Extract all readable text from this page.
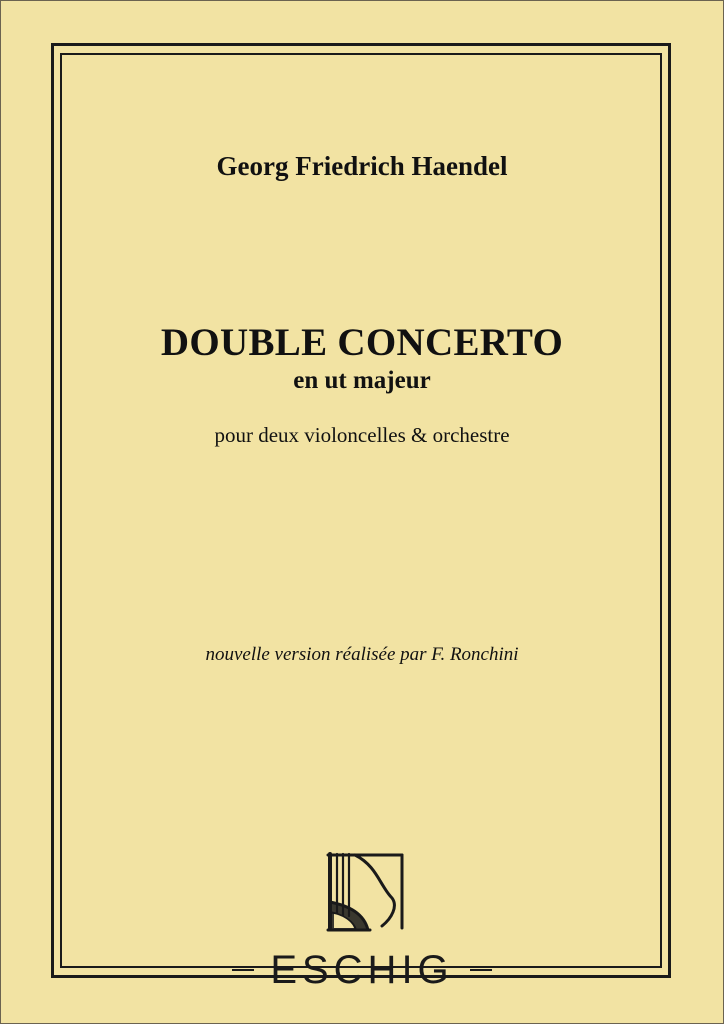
Georg Friedrich Haendel
DOUBLE CONCERTO
en ut majeur
pour deux violoncelles & orchestre
nouvelle version réalisée par F. Ronchini
ESCHIG
